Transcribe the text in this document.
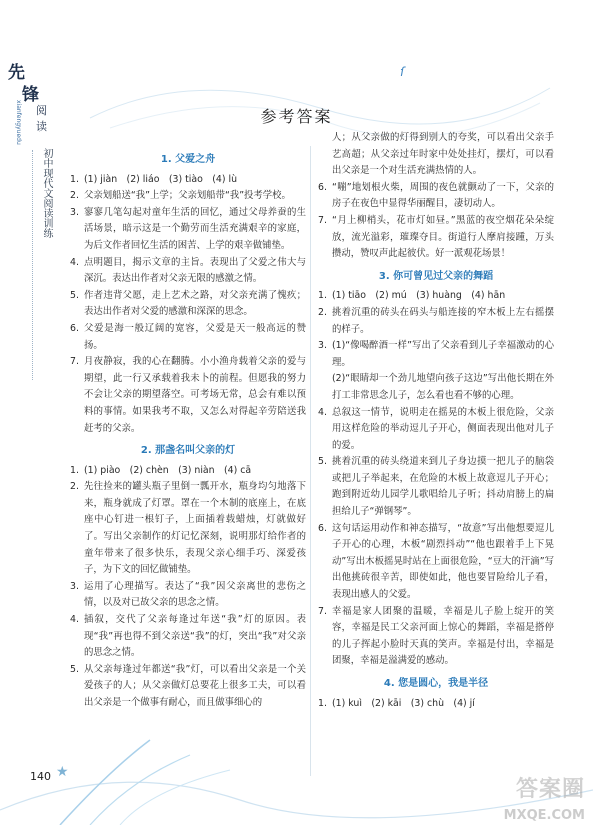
ſ
先
锋
阅
读
xianfengyuedu
初中现代文阅读训练
参考答案
1. 父爱之舟
1. (1) jiàn　(2) liáo　(3) tiào　(4) lù
2. 父亲划船送“我”上学；父亲划船带“我”投考学校。
3. 寥寥几笔勾起对童年生活的回忆，通过父母养蚕的生活场景，暗示这是一个勤劳而生活充满艰辛的家庭，为后文作者回忆生活的困苦、上学的艰辛做铺垫。
4. 点明题目，揭示文章的主旨。表现出了父爱之伟大与深沉。表达出作者对父亲无限的感激之情。
5. 作者违背父愿，走上艺术之路，对父亲充满了愧疚；表达出作者对父爱的感激和深深的思念。
6. 父爱是海一般辽阔的宽容，父爱是天一般高远的赞扬。
7. 月夜静寂，我的心在翻腾。小小渔舟载着父亲的爱与期望，此一行又承载着我未卜的前程。但愿我的努力不会让父亲的期望落空。可考场无常，总会有难以预料的事情。如果我考不取，又怎么对得起辛劳陪送我赶考的父亲。
2. 那盏名叫父亲的灯
1. (1) piào　(2) chèn　(3) niàn　(4) cā
2. 先往捡来的罐头瓶子里倒一瓢开水，瓶身均匀地落下来，瓶身就成了灯罩。罩在一个木制的底座上，在底座中心钉进一根钉子，上面插着载蜡烛，灯就做好了。写出父亲制作的灯记忆深刻，说明那灯给作者的童年带来了很多快乐，表现父亲心细手巧、深爱孩子，为下文的回忆做铺垫。
3. 运用了心理描写。表达了“我”因父亲离世的悲伤之情，以及对已故父亲的思念之情。
4. 插叙，交代了父亲每逢过年送“我”灯的原因。表现“我”再也得不到父亲送“我”的灯，突出“我”对父亲的思念之情。
5. 从父亲每逢过年都送“我”灯，可以看出父亲是一个关爱孩子的人；从父亲做灯总要花上很多工夫，可以看出父亲是一个做事有耐心，而且做事细心的
人；从父亲做的灯得到别人的夸奖，可以看出父亲手艺高超；从父亲过年时家中处处挂灯，摆灯，可以看出父亲是一个对生活充满热情的人。
6. “嘣”地划根火柴，周围的夜色就颤动了一下，父亲的房子在夜色中显得华丽醒目，凄切动人。
7. “月上柳梢头，花市灯如昼。”黑蓝的夜空烟花朵朵绽放，流光溢彩，璀璨夺目。街道行人摩肩接踵，万头攒动，赞叹声此起彼伏。好一派观花场景！
3. 你可曾见过父亲的舞蹈
1. (1) tiāo　(2) mú　(3) huàng　(4) hān
2. 挑着沉重的砖头在码头与船连接的窄木板上左右摇摆的样子。
3. (1)“像喝醉酒一样”写出了父亲看到儿子幸福激动的心理。
(2)“眼睛却一个劲儿地望向孩子这边”写出他长期在外打工非常思念儿子，怎么看也看不够的心理。
4. 总叙这一情节，说明走在摇晃的木板上很危险，父亲用这样危险的举动逗儿子开心，侧面表现出他对儿子的爱。
5. 挑着沉重的砖头绕道来到儿子身边摸一把儿子的脑袋或把儿子举起来，在危险的木板上故意逗儿子开心；跑到附近幼儿园学儿歌唱给儿子听；抖动肩膀上的扁担给儿子“弹钢琴”。
6. 这句话运用动作和神态描写，“故意”写出他想要逗儿子开心的心理，木板“剧烈抖动”“他也跟着手上下晃动”写出木板摇晃时站在上面很危险，“豆大的汗滴”写出他挑砖很辛苦，即使如此，他也要冒险给儿子看，表现出感人的父爱。
7. 幸福是家人团聚的温暖，幸福是儿子脸上绽开的笑容，幸福是民工父亲河面上惊心的舞蹈，幸福是搭停的儿子挥起小脸时天真的笑声。幸福是付出，幸福是团聚，幸福是溢满爱的感动。
4. 您是圆心，我是半径
1. (1) kuì　(2) kāi　(3) chù　(4) jí
140 ★
答案圈
MXQE.COM
